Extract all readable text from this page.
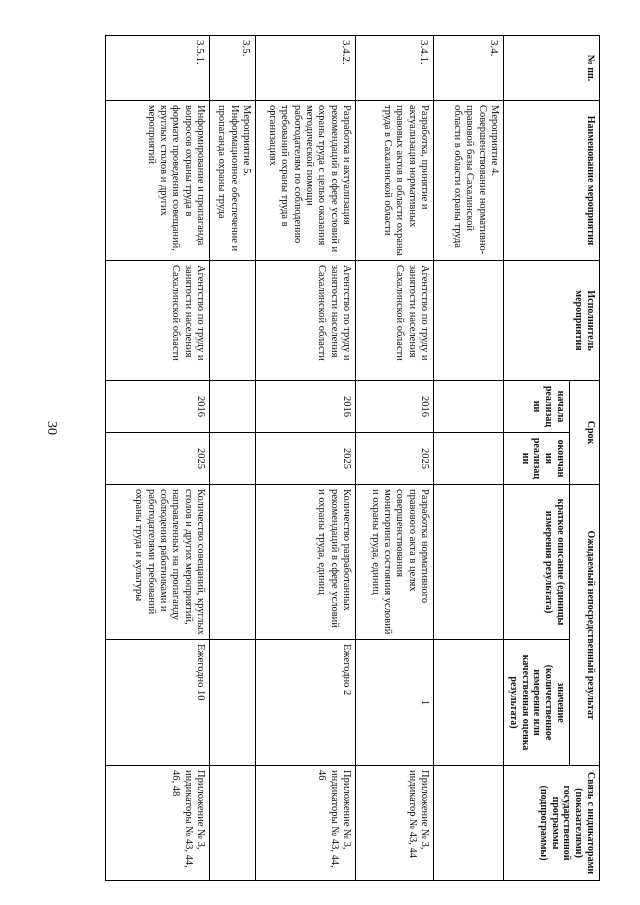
30
№ пп.	Наименование мероприятия	Исполнитель мероприятия	Срок		Ожидаемый непосредственный результат		Связь с индикаторами (показателями) государственной программы (подпрограммы)
			начала реализации	окончания реализации	краткое описание (единицы измерения результата)	значение (количественное измерение или качественная оценка результата)	
3.4.	Мероприятие 4. Совершенствование нормативно-правовой базы Сахалинской области в области охраны труда						
3.4.1.	Разработка, принятие и актуализация нормативных правовых актов в области охраны труда в Сахалинской области	Агентство по труду и занятости населения Сахалинской области	2016	2025	Разработка нормативного правового акта в целях совершенствования мониторинга состояния условий и охраны труда, единиц	1	Приложение № 3, индикатор № 43, 44
3.4.2.	Разработка и актуализация рекомендаций в сфере условий и охраны труда с целью оказания методической помощи работодателям по соблюдению требований охраны труда в организациях	Агентство по труду и занятости населения Сахалинской области	2016	2025	Количество разработанных рекомендаций в сфере условий и охраны труда, единиц	Ежегодно 2	Приложение № 3, индикаторы № 43, 44, 46
3.5.	Мероприятие 5. Информационное обеспечение и пропаганда охраны труда						
3.5.1.	Информирование и пропаганда вопросов охраны труда в формате проведения совещаний, круглых столов и других мероприятий	Агентство по труду и занятости населения Сахалинской области	2016	2025	Количество совещаний, круглых столов и других мероприятий, направленных на пропаганду соблюдения работниками и работодателями требований охраны труда и культуры	Ежегодно 10	Приложение № 3, индикаторы № 43, 44, 46, 48
